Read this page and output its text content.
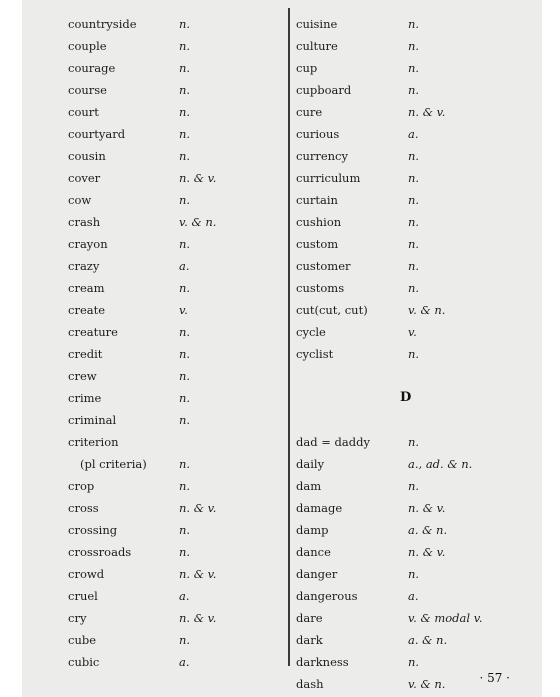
countryside	n.
couple	n.
courage	n.
course	n.
court	n.
courtyard	n.
cousin	n.
cover	n. & v.
cow	n.
crash	v. & n.
crayon	n.
crazy	a.
cream	n.
create	v.
creature	n.
credit	n.
crew	n.
crime	n.
criminal	n.
criterion
(pl criteria)	n.
crop	n.
cross	n. & v.
crossing	n.
crossroads	n.
crowd	n. & v.
cruel	a.
cry	n. & v.
cube	n.
cubic	a.
cuisine	n.
culture	n.
cup	n.
cupboard	n.
cure	n. & v.
curious	a.
currency	n.
curriculum	n.
curtain	n.
cushion	n.
custom	n.
customer	n.
customs	n.
cut(cut, cut)	v. & n.
cycle	v.
cyclist	n.
D
dad = daddy	n.
daily	a., ad. & n.
dam	n.
damage	n. & v.
damp	a. & n.
dance	n. & v.
danger	n.
dangerous	a.
dare	v. & modal v.
dark	a. & n.
darkness	n.
dash	v. & n.	· 57 ·
